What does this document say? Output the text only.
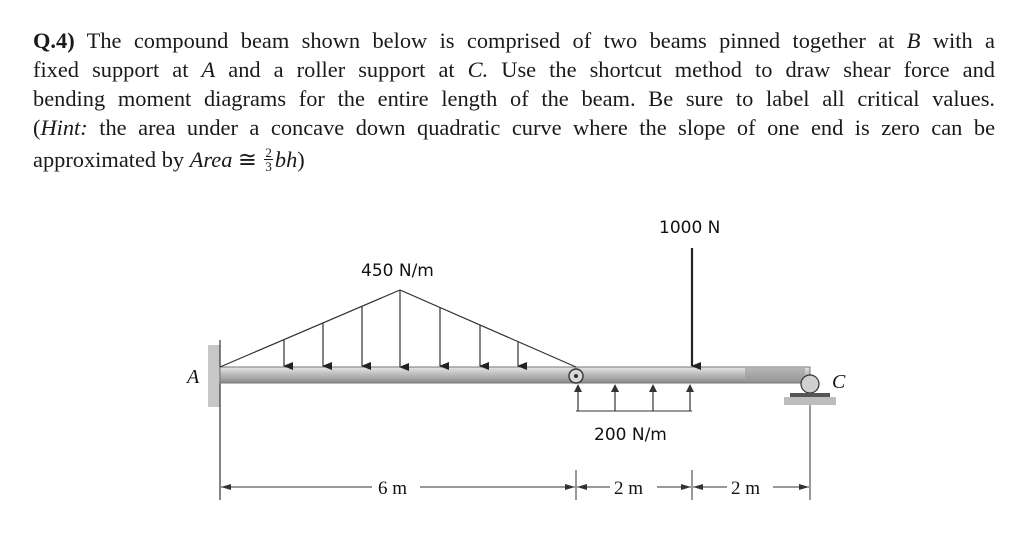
Q.4) The compound beam shown below is comprised of two beams pinned together at B with a
fixed support at A and a roller support at C. Use the shortcut method to draw shear force and
bending moment diagrams for the entire length of the beam. Be sure to label all critical values.
(Hint: the area under a concave down quadratic curve where the slope of one end is zero can be
approximated by Area ≅ $\frac{2}{3} bh$)
450 N/m
1000 N
200 N/m
A	C
6 m	2 m	2 m
